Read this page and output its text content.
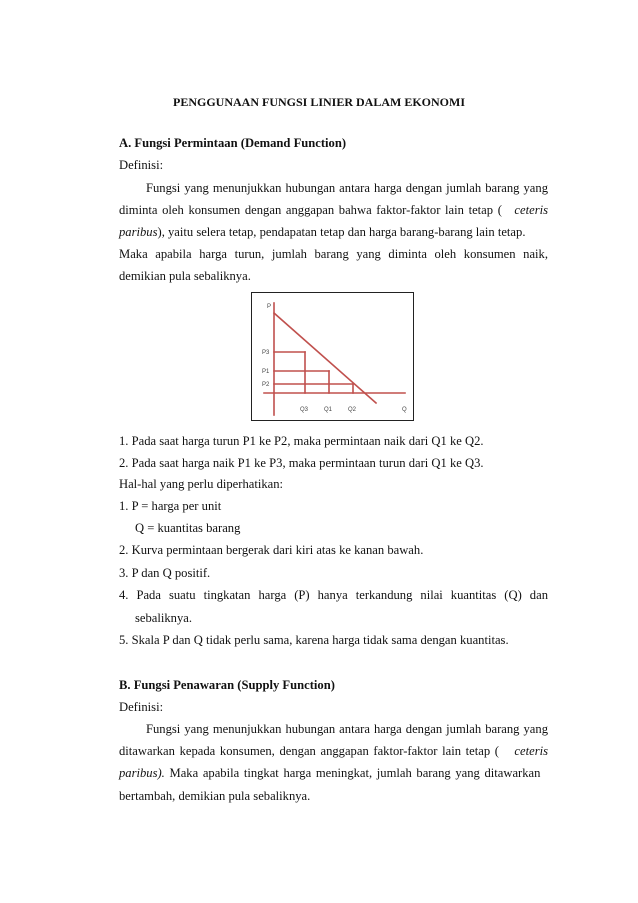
PENGGUNAAN FUNGSI LINIER DALAM EKONOMI
A. Fungsi Permintaan (Demand Function)
Definisi:
Fungsi yang menunjukkan hubungan antara harga dengan jumlah barang yang
diminta oleh konsumen dengan anggapan bahwa faktor-faktor lain tetap ( ceteris
paribus ), yaitu selera tetap, pendapatan tetap dan harga barang-barang lain tetap.
Maka apabila harga turun, jumlah barang yang diminta oleh konsumen naik,
demikian pula sebaliknya.
P
Q
P3
P1
P2
Q3	Q1	Q2
1. Pada saat harga turun P1 ke P2, maka permintaan naik dari Q1 ke Q2.
2. Pada saat harga naik P1 ke P3, maka permintaan turun dari Q1 ke Q3.
Hal-hal yang perlu diperhatikan:
1. P = harga per unit
Q = kuantitas barang
2. Kurva permintaan bergerak dari kiri atas ke kanan bawah.
3. P dan Q positif.
4. Pada suatu tingkatan harga (P) hanya terkandung nilai kuantitas (Q) dan
sebaliknya.
5. Skala P dan Q tidak perlu sama, karena harga tidak sama dengan kuantitas.
B. Fungsi Penawaran (Supply Function)
Definisi:
Fungsi yang menunjukkan hubungan antara harga dengan jumlah barang yang
ditawarkan kepada konsumen, dengan anggapan faktor-faktor lain tetap ( ceteris
paribus). Maka apabila tingkat harga meningkat, jumlah barang yang ditawarkan
bertambah, demikian pula sebaliknya.
